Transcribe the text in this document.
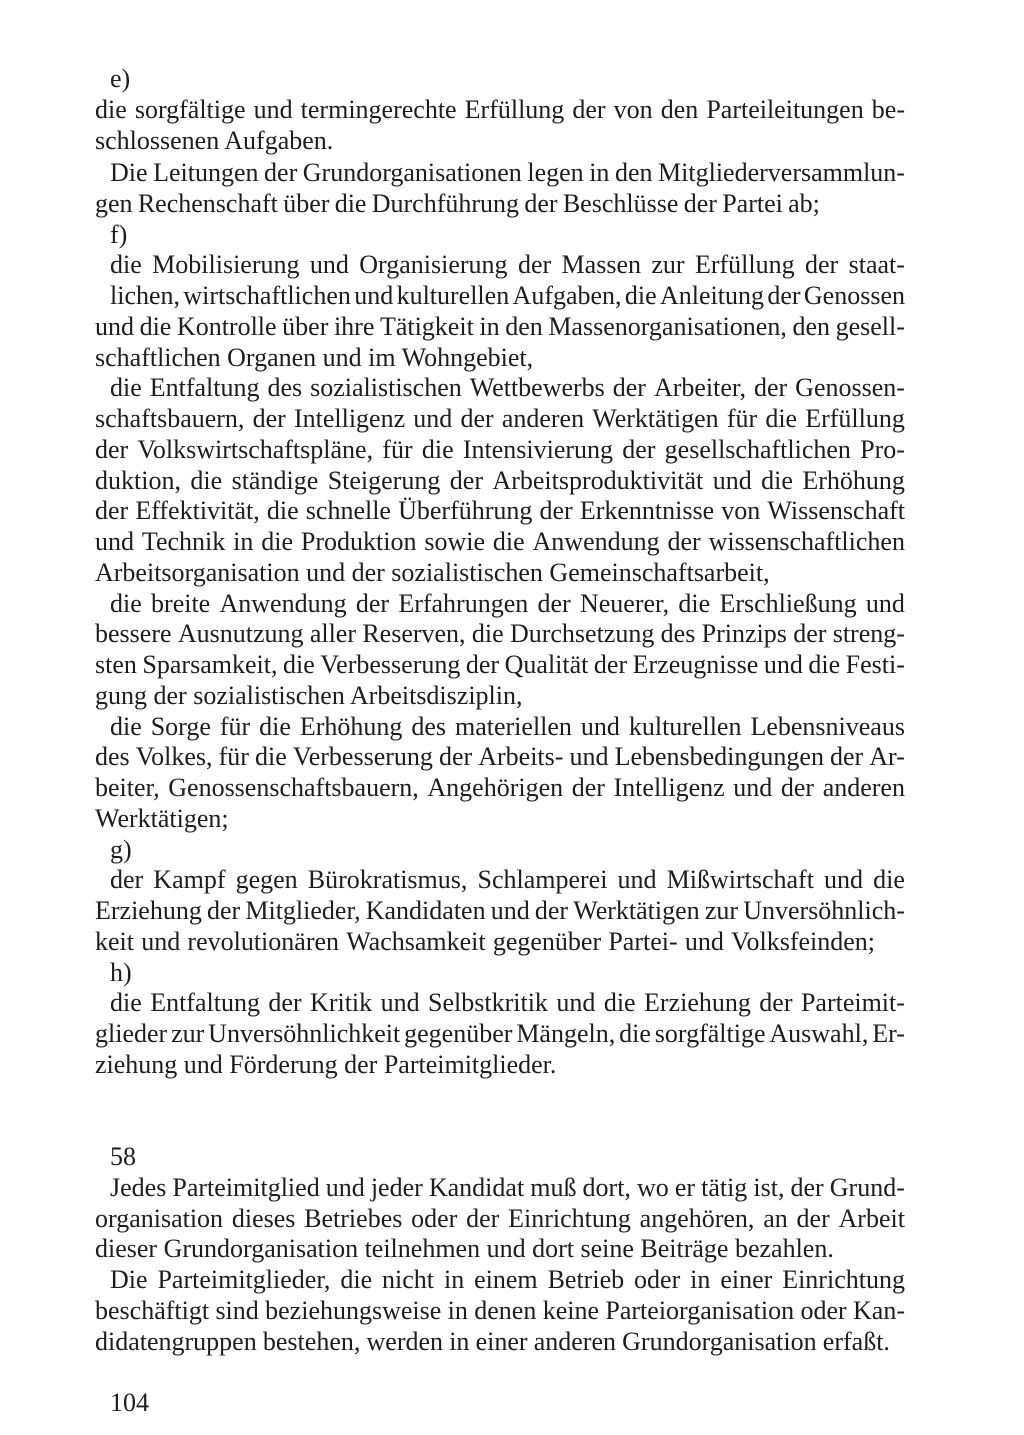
e)

die sorgfältige und termingerechte Erfüllung der von den Parteileitungen be-

schlossenen Aufgaben.

Die Leitungen der Grundorganisationen legen in den Mitgliederversammlun-

gen Rechenschaft über die Durchführung der Beschlüsse der Partei ab;

f)

die Mobilisierung und Organisierung der Massen zur Erfüllung der staat-

lichen, wirtschaftlichen und kulturellen Aufgaben, die Anleitung der Genossen

und die Kontrolle über ihre Tätigkeit in den Massenorganisationen, den gesell-

schaftlichen Organen und im Wohngebiet,

die Entfaltung des sozialistischen Wettbewerbs der Arbeiter, der Genossen-

schaftsbauern, der Intelligenz und der anderen Werktätigen für die Erfüllung

der Volkswirtschaftspläne, für die Intensivierung der gesellschaftlichen Pro-

duktion, die ständige Steigerung der Arbeitsproduktivität und die Erhöhung

der Effektivität, die schnelle Überführung der Erkenntnisse von Wissenschaft

und Technik in die Produktion sowie die Anwendung der wissenschaftlichen

Arbeitsorganisation und der sozialistischen Gemeinschaftsarbeit,

die breite Anwendung der Erfahrungen der Neuerer, die Erschließung und

bessere Ausnutzung aller Reserven, die Durchsetzung des Prinzips der streng-

sten Sparsamkeit, die Verbesserung der Qualität der Erzeugnisse und die Festi-

gung der sozialistischen Arbeitsdisziplin,

die Sorge für die Erhöhung des materiellen und kulturellen Lebensniveaus

des Volkes, für die Verbesserung der Arbeits- und Lebensbedingungen der Ar-

beiter, Genossenschaftsbauern, Angehörigen der Intelligenz und der anderen

Werktätigen;

g)

der Kampf gegen Bürokratismus, Schlamperei und Mißwirtschaft und die

Erziehung der Mitglieder, Kandidaten und der Werktätigen zur Unversöhnlich-

keit und revolutionären Wachsamkeit gegenüber Partei- und Volksfeinden;

h)

die Entfaltung der Kritik und Selbstkritik und die Erziehung der Parteimit-

glieder zur Unversöhnlichkeit gegenüber Mängeln, die sorgfältige Auswahl, Er-

ziehung und Förderung der Parteimitglieder.

58

Jedes Parteimitglied und jeder Kandidat muß dort, wo er tätig ist, der Grund-

organisation dieses Betriebes oder der Einrichtung angehören, an der Arbeit

dieser Grundorganisation teilnehmen und dort seine Beiträge bezahlen.

Die Parteimitglieder, die nicht in einem Betrieb oder in einer Einrichtung

beschäftigt sind beziehungsweise in denen keine Parteiorganisation oder Kan-

didatengruppen bestehen, werden in einer anderen Grundorganisation erfaßt.

104
